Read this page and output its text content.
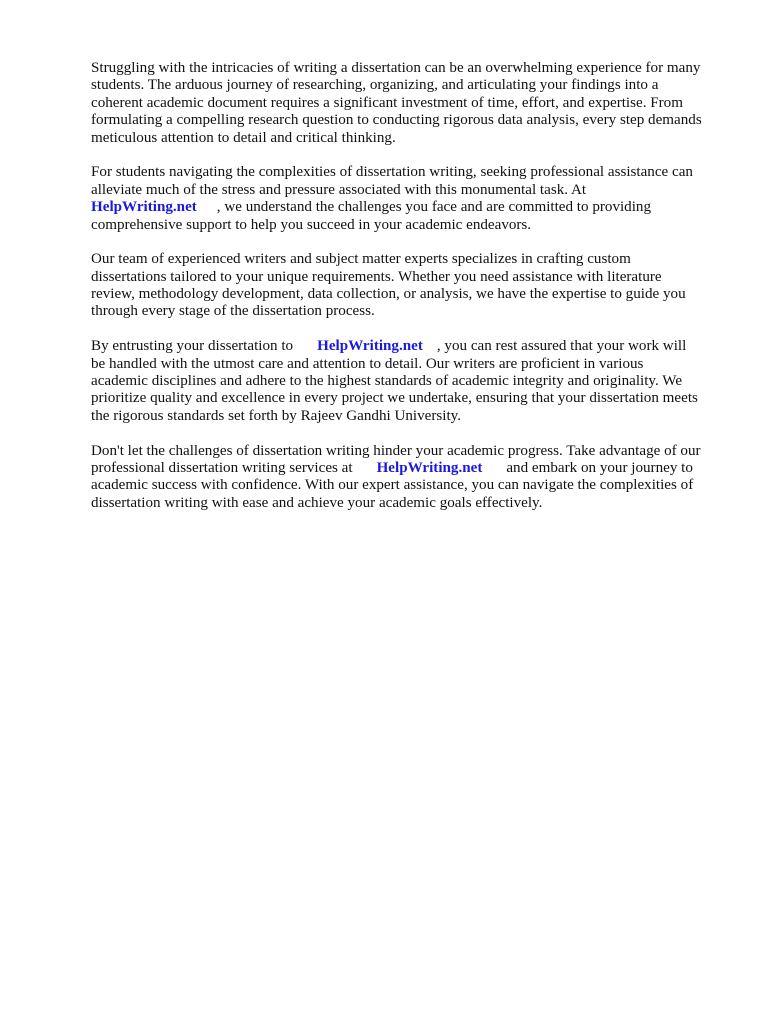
Struggling with the intricacies of writing a dissertation can be an overwhelming experience for many
students. The arduous journey of researching, organizing, and articulating your findings into a
coherent academic document requires a significant investment of time, effort, and expertise. From
formulating a compelling research question to conducting rigorous data analysis, every step demands
meticulous attention to detail and critical thinking.

For students navigating the complexities of dissertation writing, seeking professional assistance can
alleviate much of the stress and pressure associated with this monumental task. At
HelpWriting.net , we understand the challenges you face and are committed to providing
comprehensive support to help you succeed in your academic endeavors.

Our team of experienced writers and subject matter experts specializes in crafting custom
dissertations tailored to your unique requirements. Whether you need assistance with literature
review, methodology development, data collection, or analysis, we have the expertise to guide you
through every stage of the dissertation process.

By entrusting your dissertation to HelpWriting.net , you can rest assured that your work will
be handled with the utmost care and attention to detail. Our writers are proficient in various
academic disciplines and adhere to the highest standards of academic integrity and originality. We
prioritize quality and excellence in every project we undertake, ensuring that your dissertation meets
the rigorous standards set forth by Rajeev Gandhi University.

Don't let the challenges of dissertation writing hinder your academic progress. Take advantage of our
professional dissertation writing services at HelpWriting.net and embark on your journey to
academic success with confidence. With our expert assistance, you can navigate the complexities of
dissertation writing with ease and achieve your academic goals effectively.
